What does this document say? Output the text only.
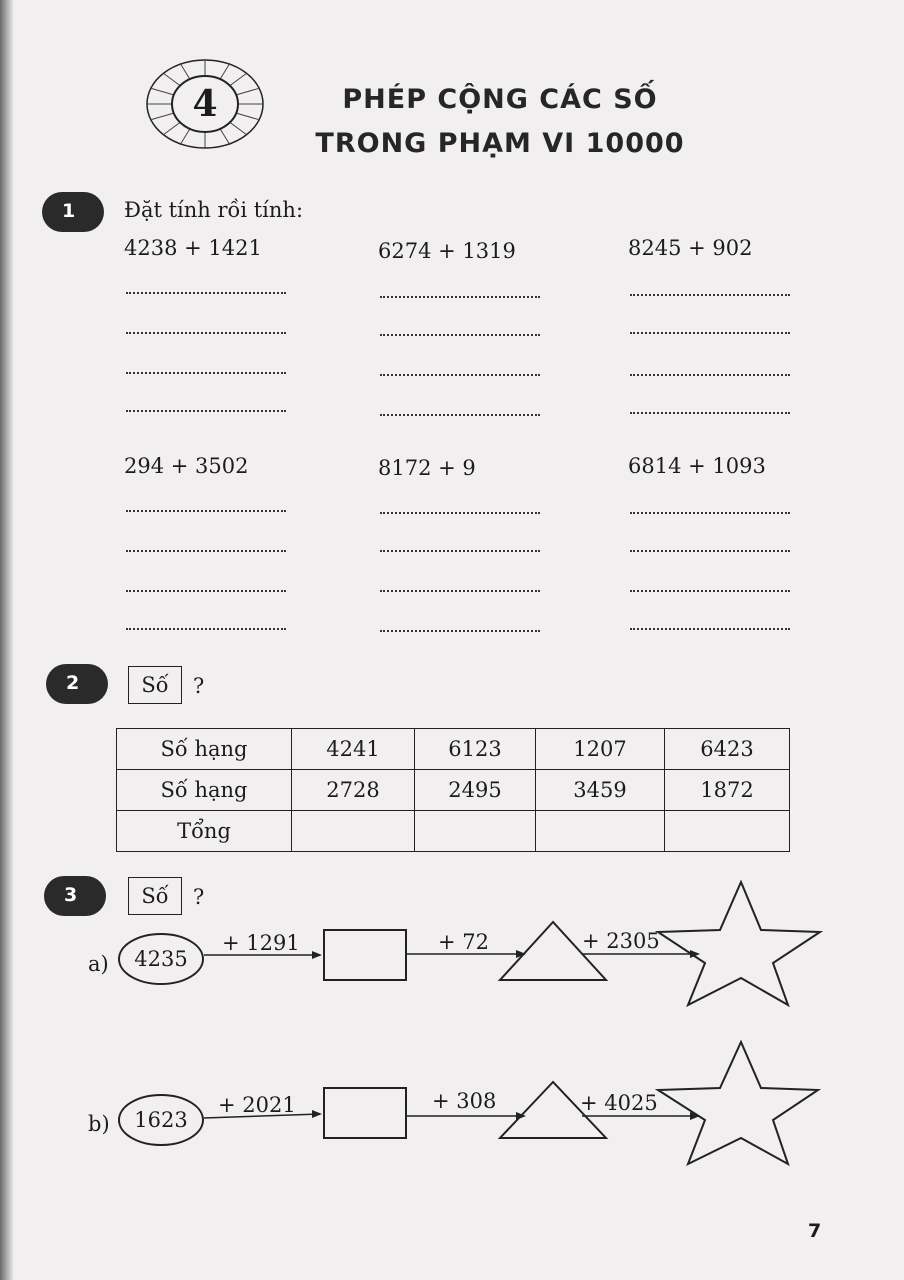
4	PHÉP CỘNG CÁC SỐ
TRONG PHẠM VI 10000
1 Đặt tính rồi tính:
4238 + 1421	6274 + 1319	8245 + 902
294 + 3502	8172 + 9	6814 + 1093
2	Số	?
Số hạng	4241	6123	1207	6423
Số hạng	2728	2495	3459	1872
Tổng				
3	Số	?
a) 4235
+ 1291	+ 72	+ 2305
b) 1623
+ 2021	+ 308	+ 4025
7
